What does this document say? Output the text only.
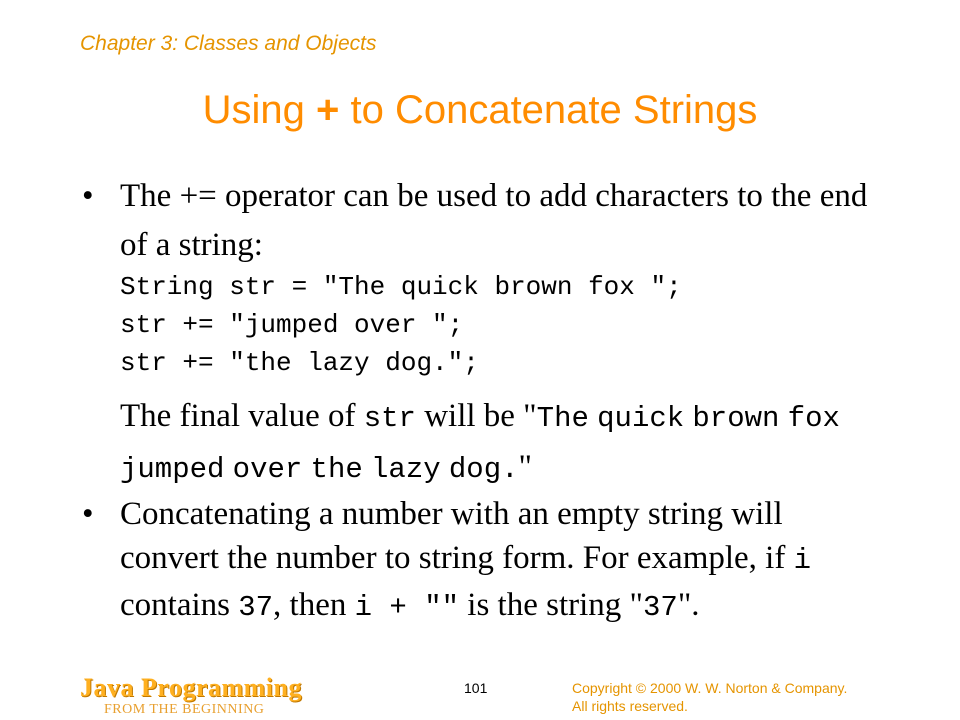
Chapter 3: Classes and Objects
Using + to Concatenate Strings
• The += operator can be used to add characters to the end of a string:
String str = "The quick brown fox ";
str += "jumped over ";
str += "the lazy dog.";
The final value of str will be "The quick brown fox jumped over the lazy dog."
• Concatenating a number with an empty string will convert the number to string form. For example, if i contains 37, then i + "" is the string "37".
Java Programming
FROM THE BEGINNING
101	Copyright © 2000 W. W. Norton & Company.
All rights reserved.
